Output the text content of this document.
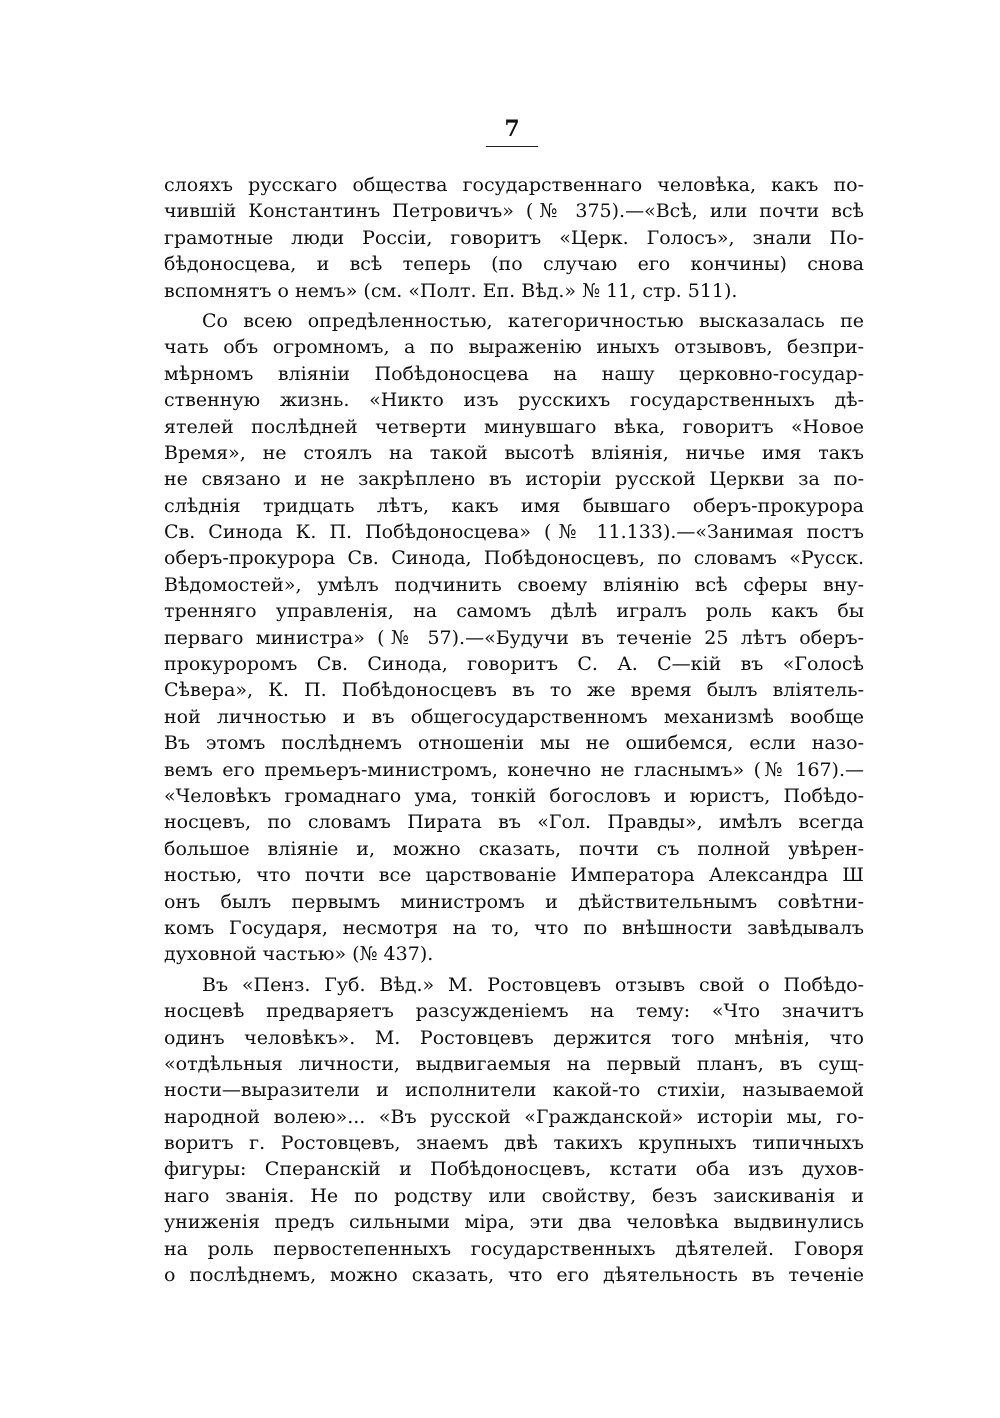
7
слояхъ русскаго общества государственнаго человѣка, какъ по-
чившій Константинъ Петровичъ» (№ 375).—«Всѣ, или почти всѣ
грамотные люди Россіи, говоритъ «Церк. Голосъ», знали По-
бѣдоносцева, и всѣ теперь (по случаю его кончины) снова
вспомнятъ о немъ» (см. «Полт. Еп. Вѣд.» № 11, стр. 511).
Со всею опредѣленностью, категоричностью высказалась пе
чать объ огромномъ, а по выраженію иныхъ отзывовъ, безпри-
мѣрномъ вліяніи Побѣдоносцева на нашу церковно-государ-
ственную жизнь. «Никто изъ русскихъ государственныхъ дѣ-
ятелей послѣдней четверти минувшаго вѣка, говоритъ «Новое
Время», не стоялъ на такой высотѣ вліянія, ничье имя такъ
не связано и не закрѣплено въ исторіи русской Церкви за по-
слѣднія тридцать лѣтъ, какъ имя бывшаго оберъ-прокурора
Св. Синода К. П. Побѣдоносцева» (№ 11.133).—«Занимая постъ
оберъ-прокурора Св. Синода, Побѣдоносцевъ, по словамъ «Русск.
Вѣдомостей», умѣлъ подчинить своему вліянію всѣ сферы вну-
тренняго управленія, на самомъ дѣлѣ игралъ роль какъ бы
перваго министра» (№ 57).—«Будучи въ теченіе 25 лѣтъ оберъ-
прокуроромъ Св. Синода, говоритъ С. А. С—кій въ «Голосѣ
Сѣвера», К. П. Побѣдоносцевъ въ то же время былъ вліятель-
ной личностью и въ общегосударственномъ механизмѣ вообще
Въ этомъ послѣднемъ отношеніи мы не ошибемся, если назо-
вемъ его премьеръ-министромъ, конечно не гласнымъ» (№ 167).—
«Человѣкъ громаднаго ума, тонкій богословъ и юристъ, Побѣдо-
носцевъ, по словамъ Пирата въ «Гол. Правды», имѣлъ всегда
большое вліяніе и, можно сказать, почти съ полной увѣрен-
ностью, что почти все царствованіе Императора Александра Ш
онъ былъ первымъ министромъ и дѣйствительнымъ совѣтни-
комъ Государя, несмотря на то, что по внѣшности завѣдывалъ
духовной частью» (№ 437).
Въ «Пенз. Губ. Вѣд.» М. Ростовцевъ отзывъ свой о Побѣдо-
носцевѣ предваряетъ разсужденіемъ на тему: «Что значитъ
одинъ человѣкъ». М. Ростовцевъ держится того мнѣнія, что
«отдѣльныя личности, выдвигаемыя на первый планъ, въ сущ-
ности—выразители и исполнители какой-то стихіи, называемой
народной волею»... «Въ русской «Гражданской» исторіи мы, го-
воритъ г. Ростовцевъ, знаемъ двѣ такихъ крупныхъ типичныхъ
фигуры: Сперанскій и Побѣдоносцевъ, кстати оба изъ духов-
наго званія. Не по родству или свойству, безъ заискиванія и
униженія предъ сильными міра, эти два человѣка выдвинулись
на роль первостепенныхъ государственныхъ дѣятелей. Говоря
о послѣднемъ, можно сказать, что его дѣятельность въ теченіе
